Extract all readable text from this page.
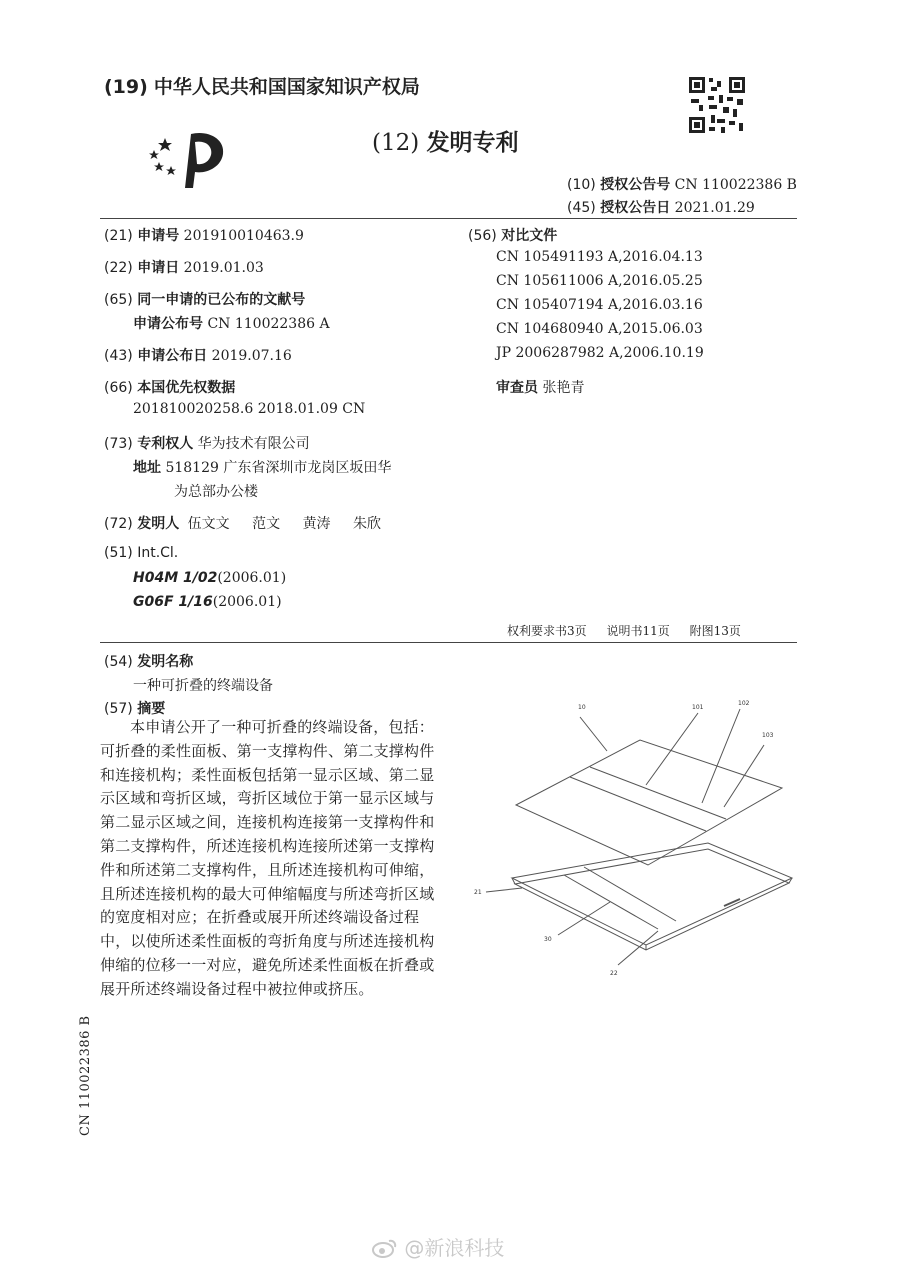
(19) 中华人民共和国国家知识产权局
(12) 发明专利
(10) 授权公告号 CN 110022386 B
(45) 授权公告日 2021.01.29
(21) 申请号 201910010463.9
(22) 申请日 2019.01.03
(65) 同一申请的已公布的文献号
申请公布号 CN 110022386 A
(43) 申请公布日 2019.07.16
(66) 本国优先权数据
201810020258.6 2018.01.09 CN
(73) 专利权人 华为技术有限公司
地址 518129 广东省深圳市龙岗区坂田华
为总部办公楼
(72) 发明人 伍文文 范文 黄涛 朱欣
(51) Int.Cl.
H04M 1/02(2006.01)
G06F 1/16(2006.01)
(56) 对比文件
CN 105491193 A,2016.04.13
CN 105611006 A,2016.05.25
CN 105407194 A,2016.03.16
CN 104680940 A,2015.06.03
JP 2006287982 A,2006.10.19
审查员 张艳青
权利要求书3页 说明书11页 附图13页
(54) 发明名称
一种可折叠的终端设备
(57) 摘要

本申请公开了一种可折叠的终端设备，包括：可折叠的柔性面板、第一支撑构件、第二支撑构件和连接机构；柔性面板包括第一显示区域、第二显示区域和弯折区域，弯折区域位于第一显示区域与第二显示区域之间，连接机构连接第一支撑构件和第二支撑构件，所述连接机构连接所述第一支撑构件和所述第二支撑构件，且所述连接机构可伸缩，且所述连接机构的最大可伸缩幅度与所述弯折区域的宽度相对应；在折叠或展开所述终端设备过程中，以使所述柔性面板的弯折角度与所述连接机构伸缩的位移一一对应，避免所述柔性面板在折叠或展开所述终端设备过程中被拉伸或挤压。

10	101
102
103
21
30
22
CN 110022386 B
@新浪科技
